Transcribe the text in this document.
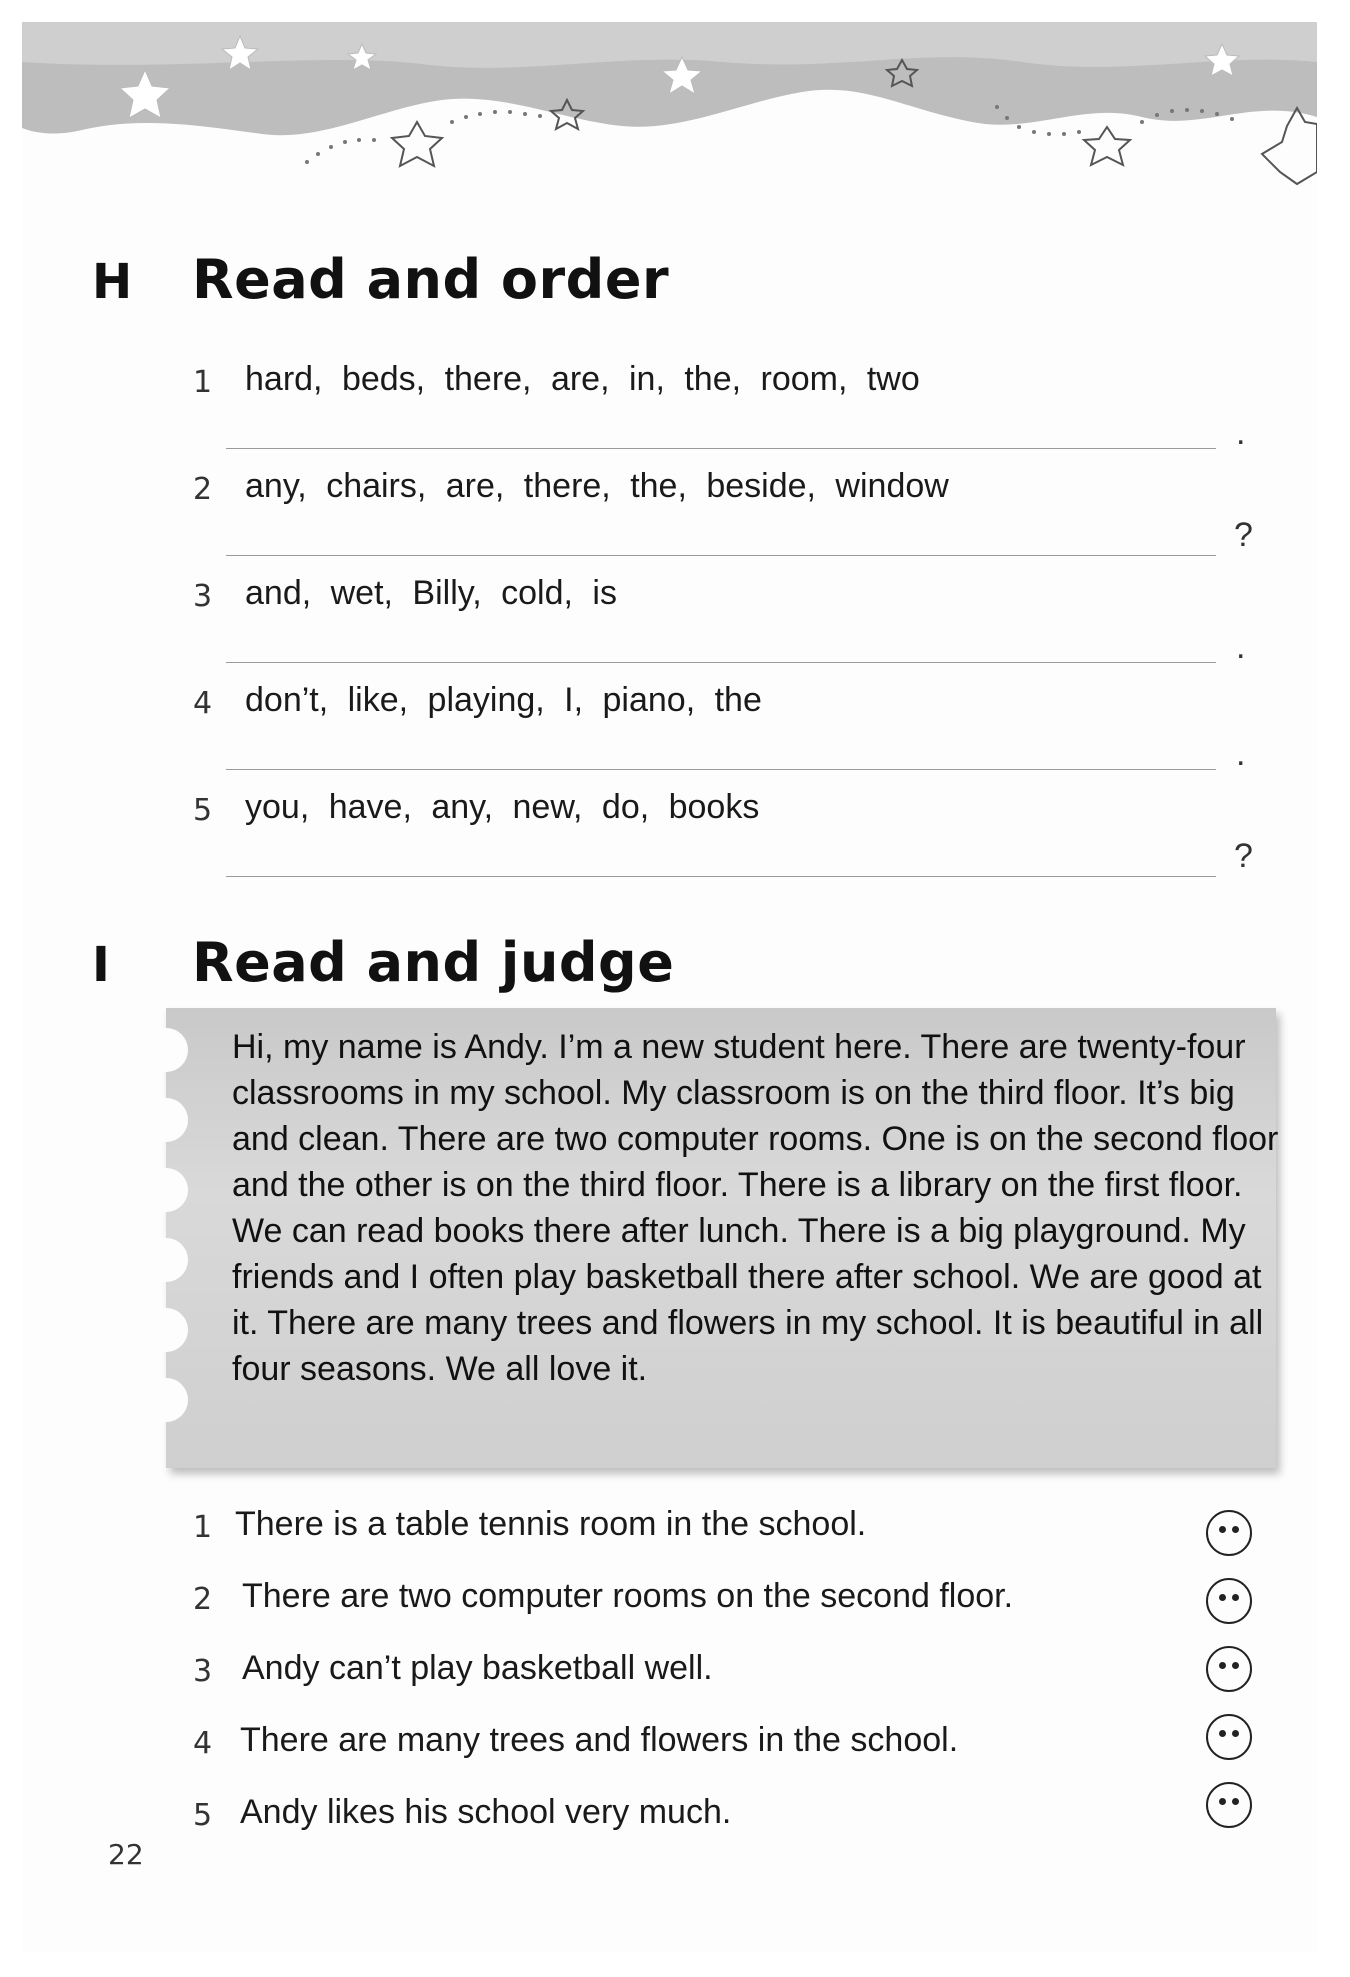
H Read and order
1 hard, beds, there, are, in, the, room, two
.
2 any, chairs, are, there, the, beside, window
?
3 and, wet, Billy, cold, is
.
4 don’t, like, playing, I, piano, the
.
5 you, have, any, new, do, books
?
I Read and judge
Hi, my name is Andy. I’m a new student here. There are twenty-four classrooms in my school. My classroom is on the third floor. It’s big and clean. There are two computer rooms. One is on the second floor and the other is on the third floor. There is a library on the first floor. We can read books there after lunch. There is a big playground. My friends and I often play basketball there after school. We are good at it. There are many trees and flowers in my school. It is beautiful in all four seasons. We all love it.
1 There is a table tennis room in the school.
2 There are two computer rooms on the second floor.
3 Andy can’t play basketball well.
4 There are many trees and flowers in the school.
5 Andy likes his school very much.
22
